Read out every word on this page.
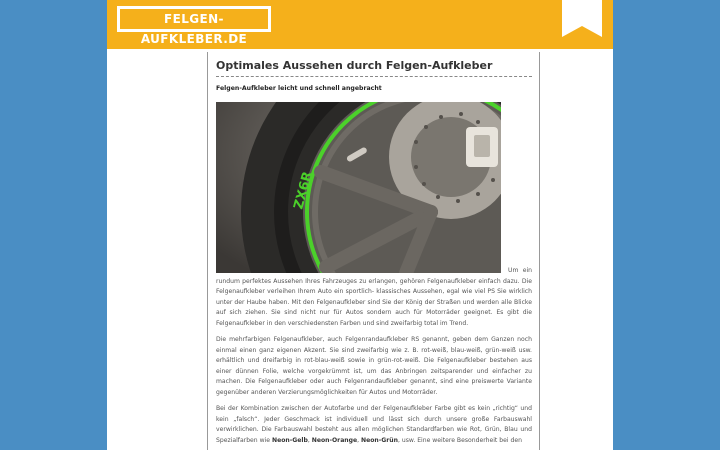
FELGEN-AUFKLEBER.DE
Optimales Aussehen durch Felgen-Aufkleber
Felgen-Aufkleber leicht und schnell angebracht
ZX6R

Um ein rundum perfektes Aussehen Ihres Fahrzeuges zu erlangen, gehören Felgenaufkleber einfach dazu. Die Felgenaufkleber verleihen Ihrem Auto ein sportlich- klassisches Aussehen, egal wie viel PS Sie wirklich unter der Haube haben. Mit den Felgenaufkleber sind Sie der König der Straßen und werden alle Blicke auf sich ziehen. Sie sind nicht nur für Autos sondern auch für Motorräder geeignet. Es gibt die Felgenaufkleber in den verschiedensten Farben und sind zweifarbig total im Trend.

Die mehrfarbigen Felgenaufkleber, auch Felgenrandaufkleber RS genannt, geben dem Ganzen noch einmal einen ganz eigenen Akzent. Sie sind zweifarbig wie z. B. rot-weiß, blau-weiß, grün-weiß usw. erhältlich und dreifarbig in rot-blau-weiß sowie in grün-rot-weiß. Die Felgenaufkleber bestehen aus einer dünnen Folie, welche vorgekrümmt ist, um das Anbringen zeitsparender und einfacher zu machen. Die Felgenaufkleber oder auch Felgenrandaufkleber genannt, sind eine preiswerte Variante gegenüber anderen Verzierungsmöglichkeiten für Autos und Motorräder.

Bei der Kombination zwischen der Autofarbe und der Felgenaufkleber Farbe gibt es kein „richtig“ und kein „falsch“. Jeder Geschmack ist individuell und lässt sich durch unsere große Farbauswahl verwirklichen. Die Farbauswahl besteht aus allen möglichen Standardfarben wie Rot, Grün, Blau und Spezialfarben wie Neon-Gelb, Neon-Orange, Neon-Grün, usw. Eine weitere Besonderheit bei den
